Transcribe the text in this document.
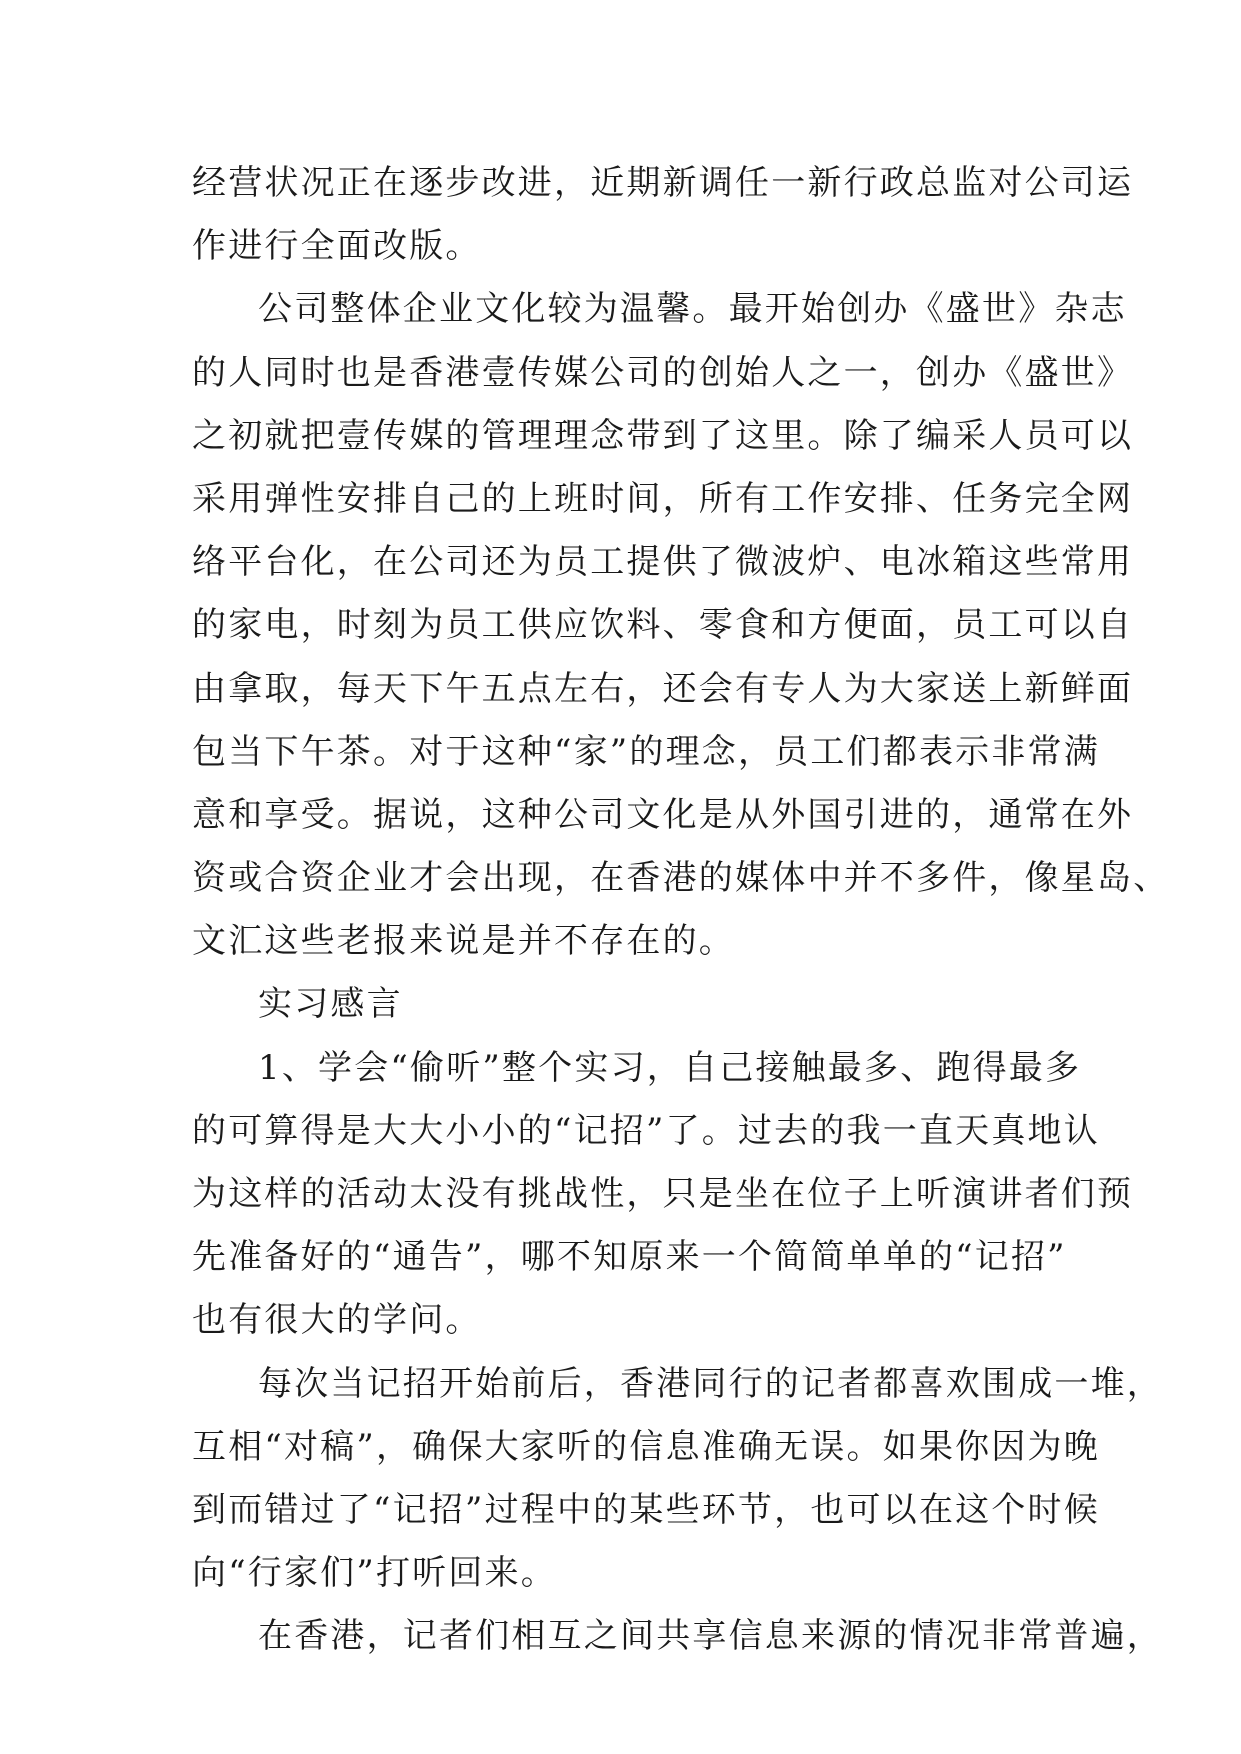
经营状况正在逐步改进，近期新调任一新行政总监对公司运
作进行全面改版。
公司整体企业文化较为温馨。最开始创办《盛世》杂志
的人同时也是香港壹传媒公司的创始人之一，创办《盛世》
之初就把壹传媒的管理理念带到了这里。除了编采人员可以
采用弹性安排自己的上班时间，所有工作安排、任务完全网
络平台化，在公司还为员工提供了微波炉、电冰箱这些常用
的家电，时刻为员工供应饮料、零食和方便面，员工可以自
由拿取，每天下午五点左右，还会有专人为大家送上新鲜面
包当下午茶。对于这种“家”的理念，员工们都表示非常满
意和享受。据说，这种公司文化是从外国引进的，通常在外
资或合资企业才会出现，在香港的媒体中并不多件，像星岛、
文汇这些老报来说是并不存在的。
实习感言
1、学会“偷听”整个实习，自己接触最多、跑得最多
的可算得是大大小小的“记招”了。过去的我一直天真地认
为这样的活动太没有挑战性，只是坐在位子上听演讲者们预
先准备好的“通告”，哪不知原来一个简简单单的“记招”
也有很大的学问。
每次当记招开始前后，香港同行的记者都喜欢围成一堆，
互相“对稿”，确保大家听的信息准确无误。如果你因为晚
到而错过了“记招”过程中的某些环节，也可以在这个时候
向“行家们”打听回来。
在香港，记者们相互之间共享信息来源的情况非常普遍，
